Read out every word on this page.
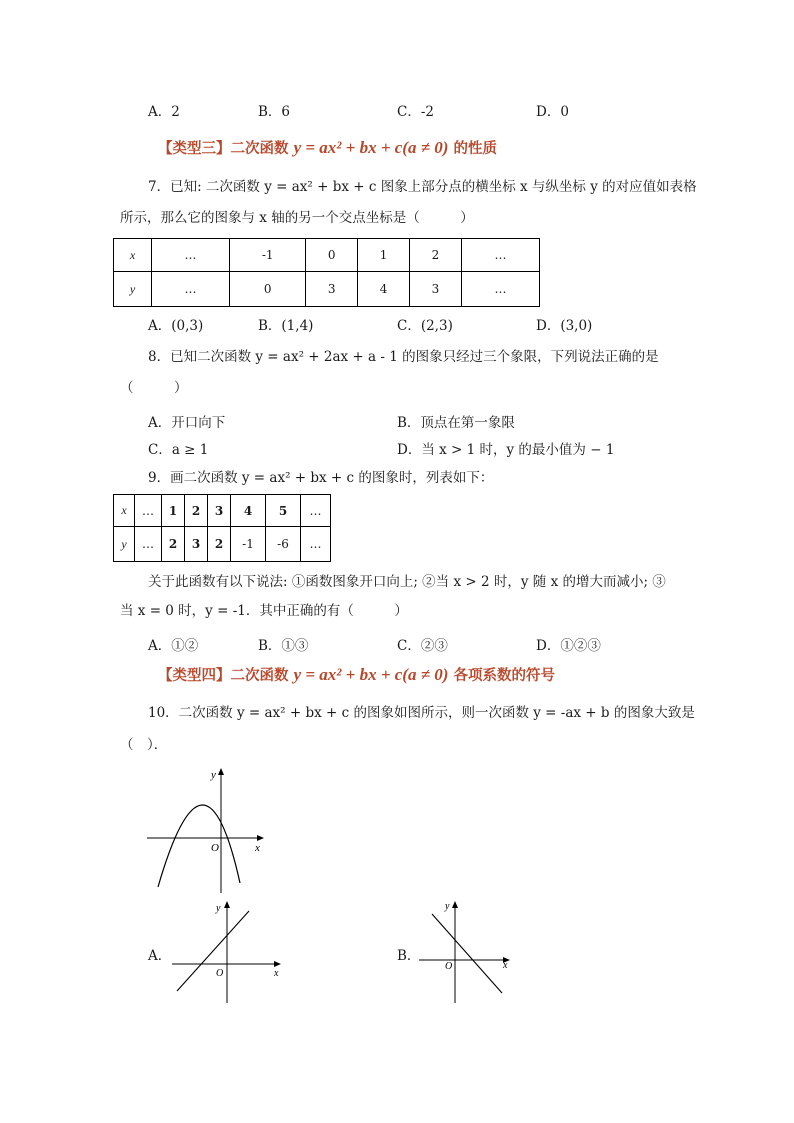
A．2	B．6	C．-2	D．0
【类型三】二次函数 y = ax² + bx + c(a ≠ 0) 的性质
7．已知: 二次函数 y = ax² + bx + c 图象上部分点的横坐标 x 与纵坐标 y 的对应值如表格
所示，那么它的图象与 x 轴的另一个交点坐标是（　　　）
x	…	-1	0	1	2	…
y	…	0	3	4	3	…
A．(0,3)	B．(1,4)	C．(2,3)	D．(3,0)
8．已知二次函数 y = ax² + 2ax + a - 1 的图象只经过三个象限，下列说法正确的是
（　　　）
A．开口向下	B．顶点在第一象限
C．a ≥ 1	D．当 x > 1 时，y 的最小值为 − 1
9．画二次函数 y = ax² + bx + c 的图象时，列表如下：
x	…	1	2	3	4	5	…
y	…	2	3	2	-1	-6	…
关于此函数有以下说法: ①函数图象开口向上; ②当 x > 2 时，y 随 x 的增大而减小; ③
当 x = 0 时，y = -1．其中正确的有（　　　）
A．①②	B．①③	C．②③	D．①②③
【类型四】二次函数 y = ax² + bx + c(a ≠ 0) 各项系数的符号
10．二次函数 y = ax² + bx + c 的图象如图所示，则一次函数 y = -ax + b 的图象大致是
（　）．
x
y
O
A．
x
y
O
B．
x
y
O
